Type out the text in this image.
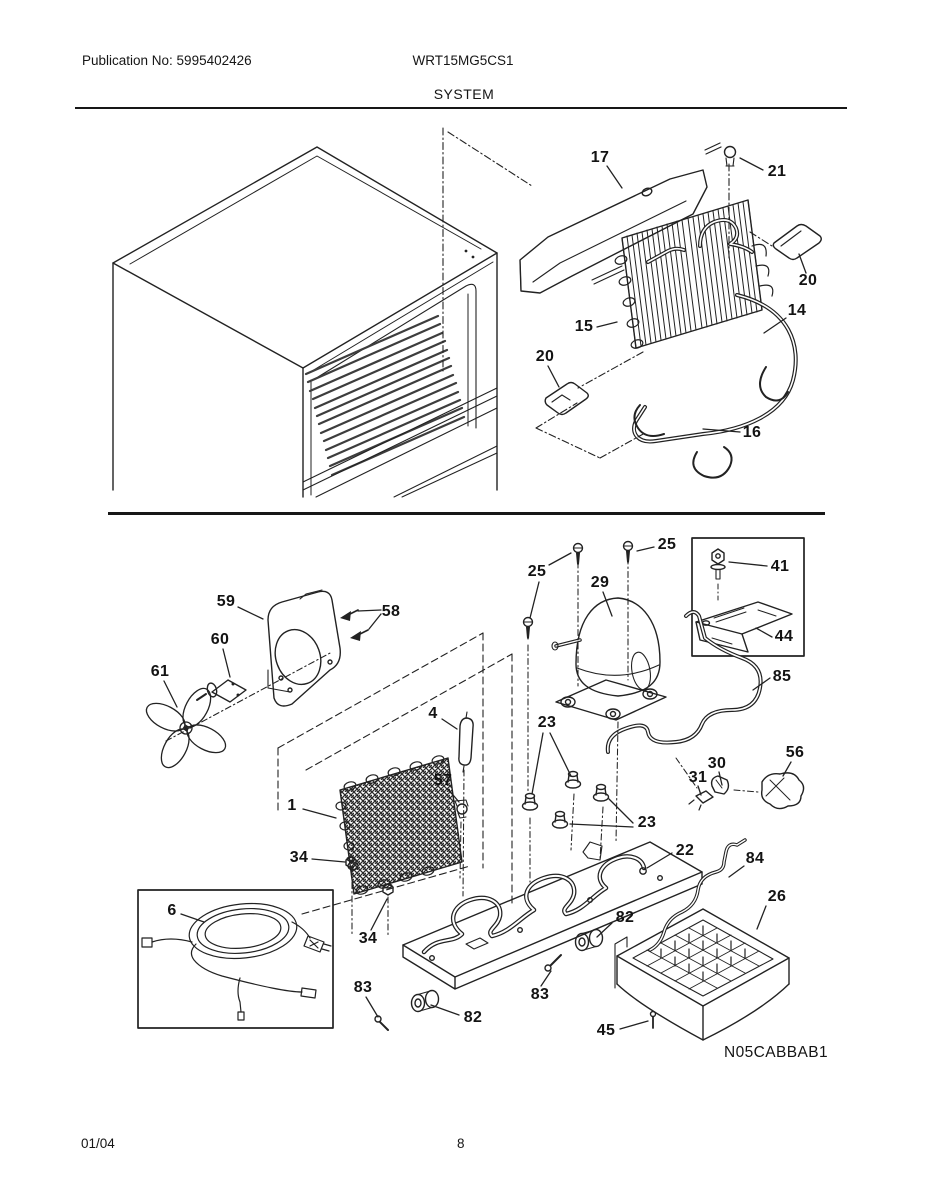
Publication No: 5995402426	WRT15MG5CS1
SYSTEM
17
21
20
15
14
20
16
59
58
60
61
25
25
29
41
44
85
4
23
56
30
31
57
1
23
22
34	84
26
82
6
34
83
45
82
83
N05CABBAB1
01/04	8
